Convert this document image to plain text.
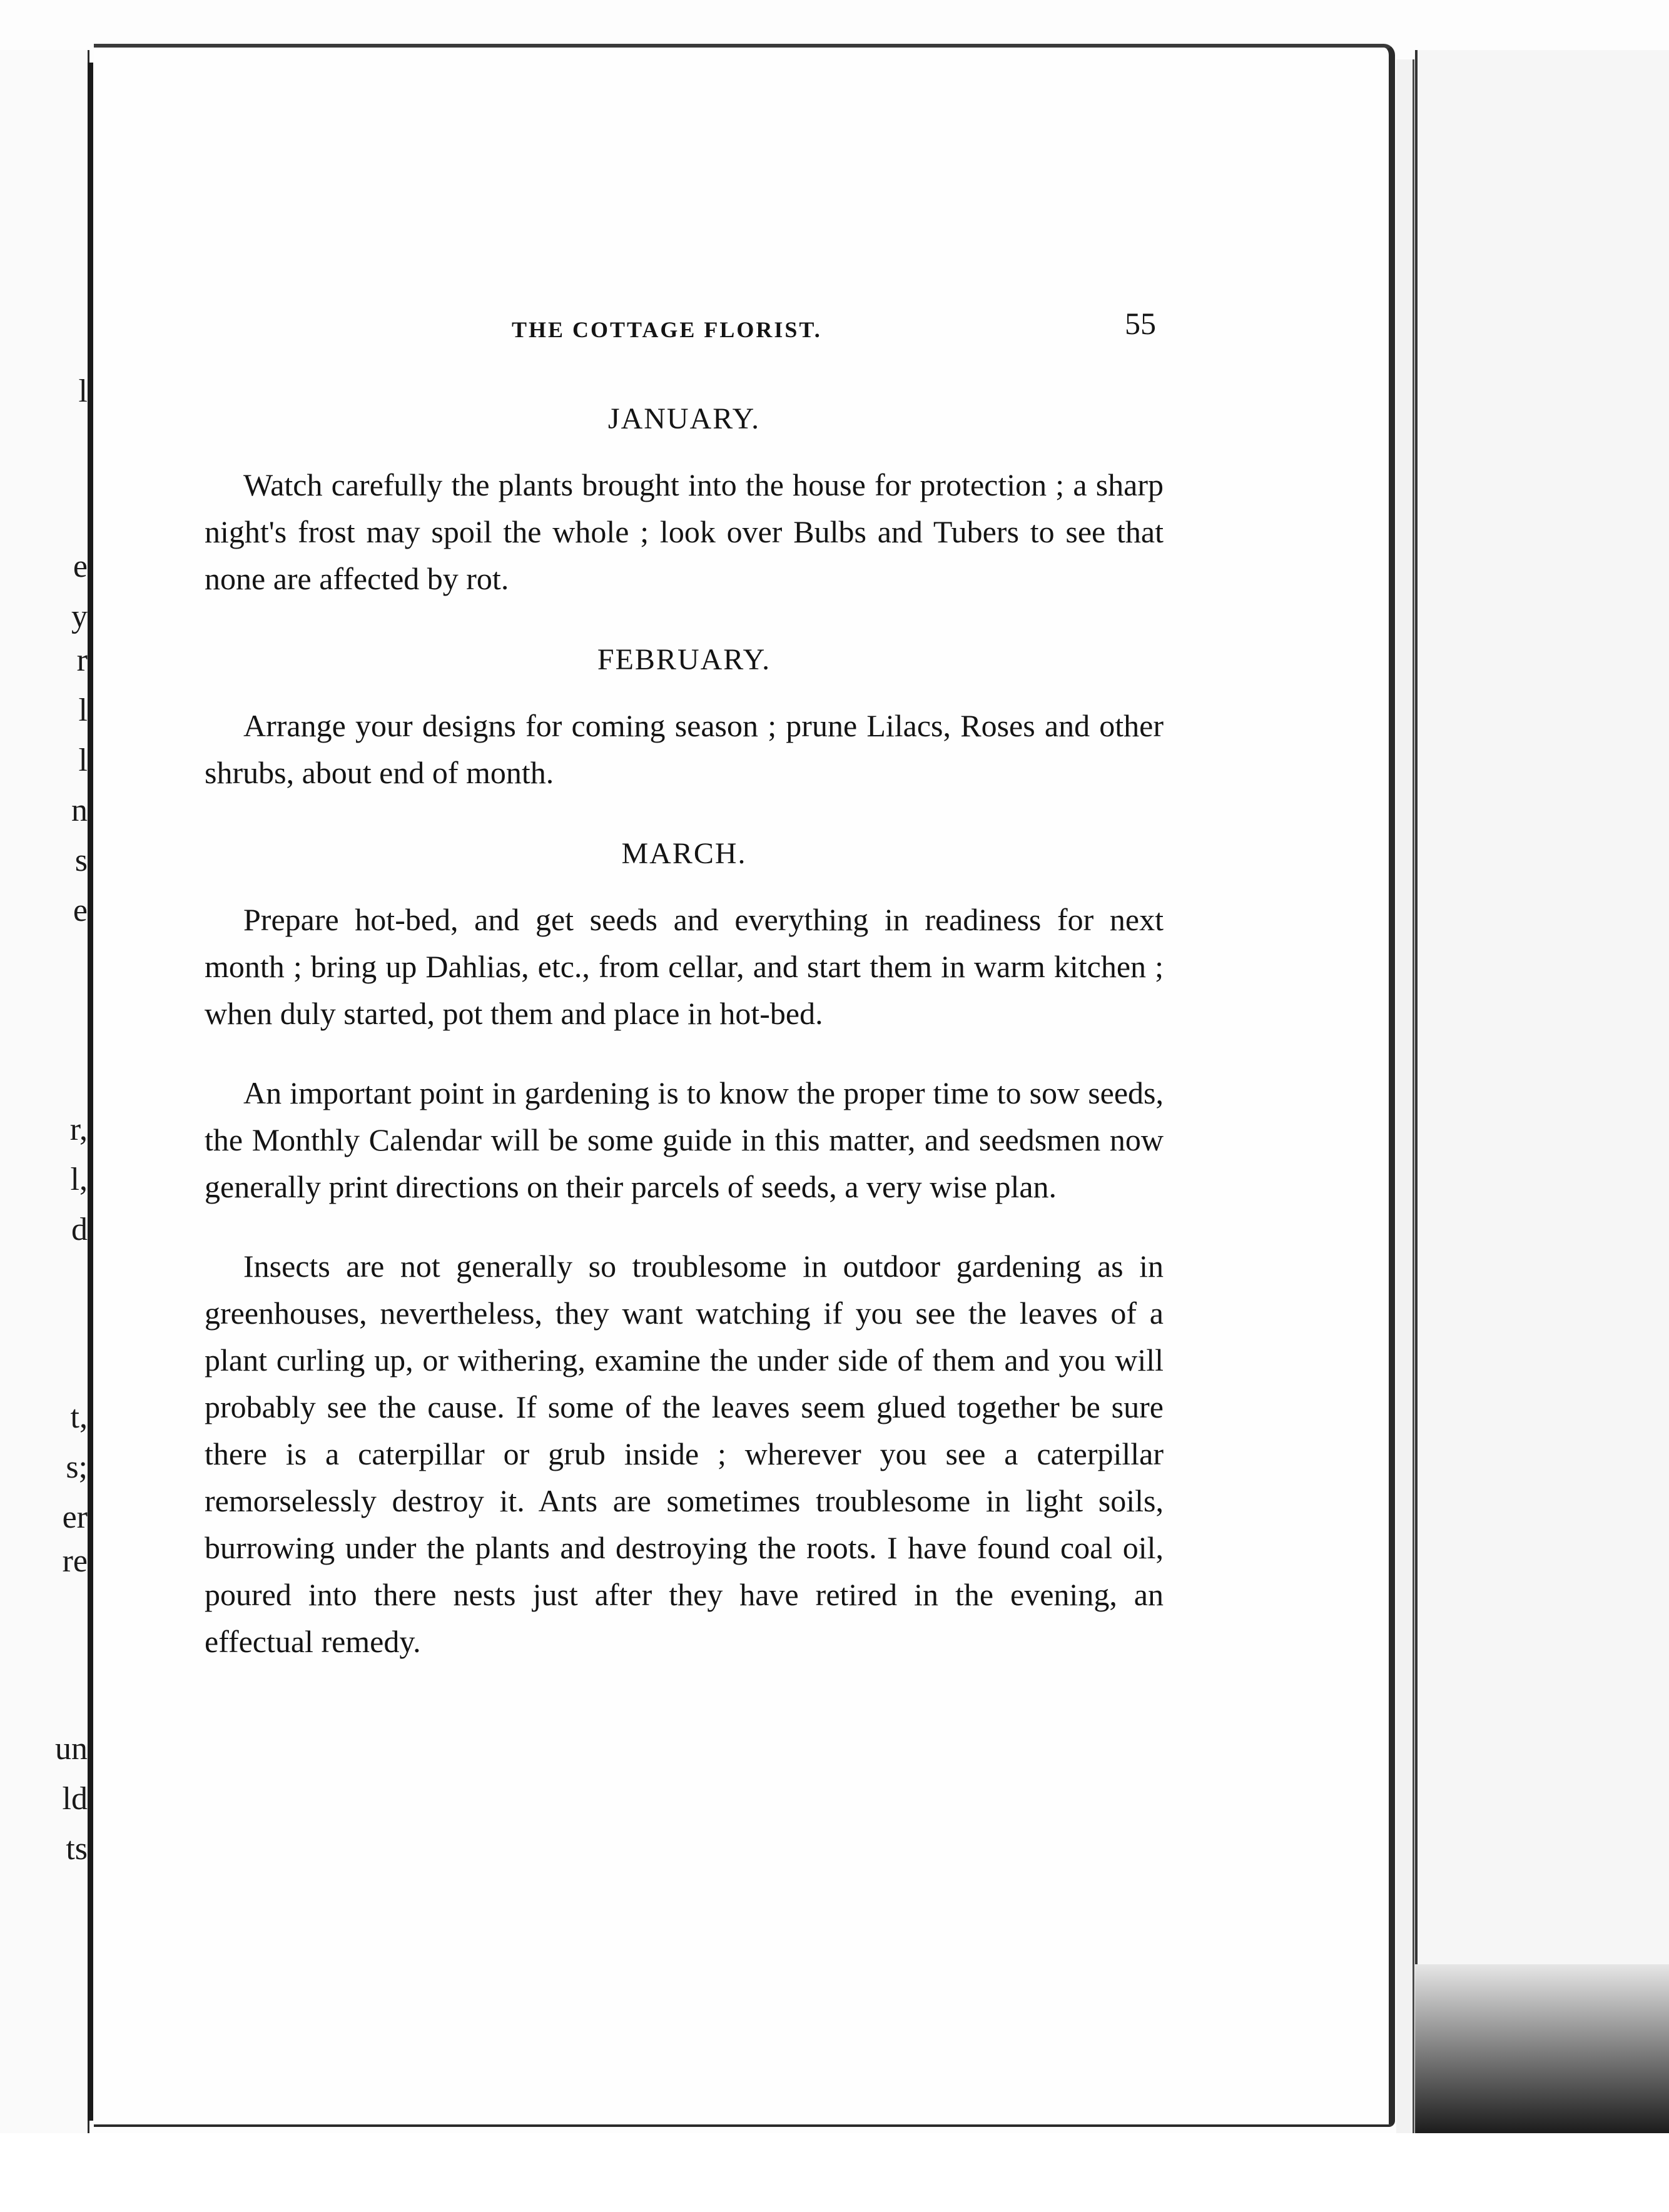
l
e
y
r
l
l
n
s
e
r,
l,
d
t,
s;
er
re
un
ld
ts
THE COTTAGE FLORIST.	55
JANUARY.

Watch carefully the plants brought into the house for protection ; a sharp night's frost may spoil the whole ; look over Bulbs and Tubers to see that none are affected by rot.

FEBRUARY.

Arrange your designs for coming season ; prune Lilacs, Roses and other shrubs, about end of month.

MARCH.

Prepare hot-bed, and get seeds and everything in readiness for next month ; bring up Dahlias, etc., from cellar, and start them in warm kitchen ; when duly started, pot them and place in hot-bed.

An important point in gardening is to know the proper time to sow seeds, the Monthly Calendar will be some guide in this matter, and seedsmen now generally print directions on their parcels of seeds, a very wise plan.

Insects are not generally so troublesome in outdoor gardening as in greenhouses, nevertheless, they want watching if you see the leaves of a plant curling up, or withering, examine the under side of them and you will probably see the cause. If some of the leaves seem glued together be sure there is a caterpillar or grub inside ; wherever you see a caterpillar remorselessly destroy it. Ants are sometimes troublesome in light soils, burrowing under the plants and destroying the roots. I have found coal oil, poured into there nests just after they have retired in the evening, an effectual remedy.
